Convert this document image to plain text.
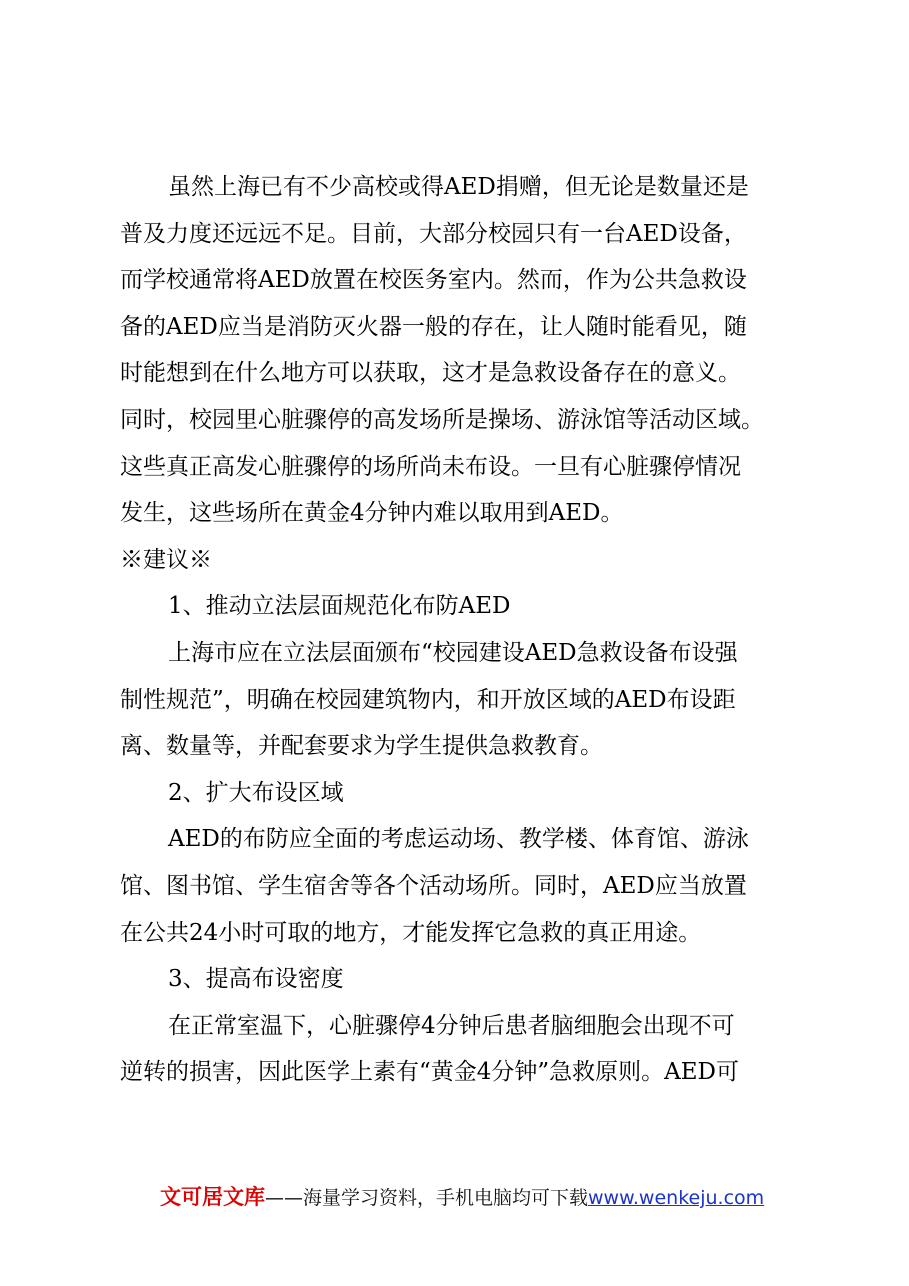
虽然上海已有不少高校或得AED捐赠，但无论是数量还是
普及力度还远远不足。目前，大部分校园只有一台AED设备，
而学校通常将AED放置在校医务室内。然而，作为公共急救设
备的AED应当是消防灭火器一般的存在，让人随时能看见，随
时能想到在什么地方可以获取，这才是急救设备存在的意义。
同时，校园里心脏骤停的高发场所是操场、游泳馆等活动区域。
这些真正高发心脏骤停的场所尚未布设。一旦有心脏骤停情况
发生，这些场所在黄金4分钟内难以取用到AED。
※建议※
1、推动立法层面规范化布防AED
上海市应在立法层面颁布“校园建设AED急救设备布设强
制性规范”，明确在校园建筑物内，和开放区域的AED布设距
离、数量等，并配套要求为学生提供急救教育。
2、扩大布设区域
AED的布防应全面的考虑运动场、教学楼、体育馆、游泳
馆、图书馆、学生宿舍等各个活动场所。同时，AED应当放置
在公共24小时可取的地方，才能发挥它急救的真正用途。
3、提高布设密度
在正常室温下，心脏骤停4分钟后患者脑细胞会出现不可
逆转的损害，因此医学上素有“黄金4分钟”急救原则。AED可
文可居文库——海量学习资料，手机电脑均可下载www.wenkeju.com
